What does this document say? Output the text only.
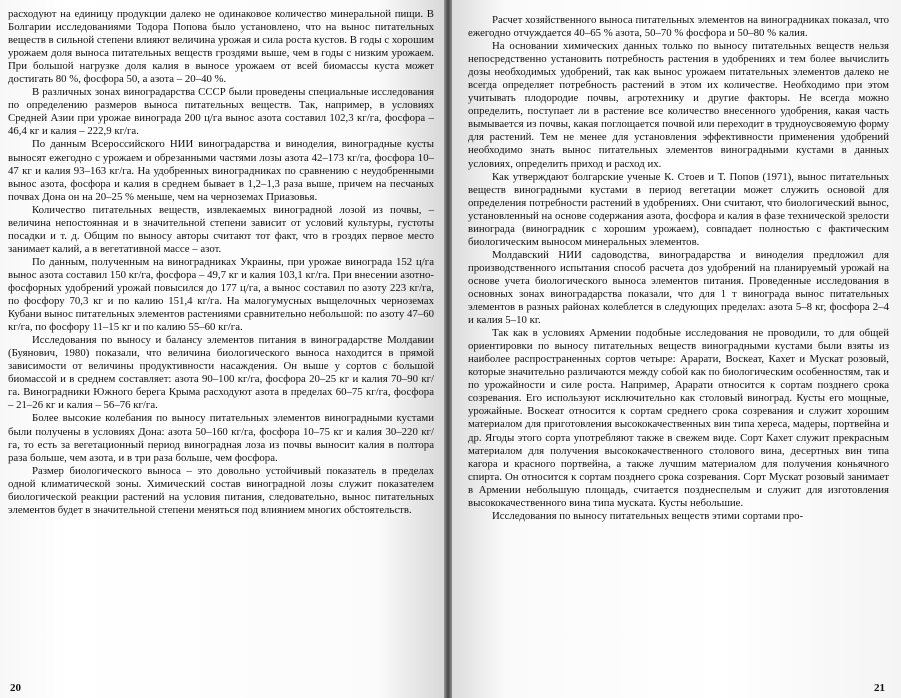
расходуют на единицу продукции далеко не одинаковое количество минеральной пищи. В Болгарии исследованиями Тодора Попова было установлено, что на вынос питательных веществ в сильной степени влияют величина урожая и сила роста кустов. В годы с хорошим урожаем доля выноса питательных веществ гроздями выше, чем в годы с низким урожаем. При большой нагрузке доля калия в выносе урожаем от всей биомассы куста может достигать 80 %, фосфора 50, а азота – 20–40 %.

В различных зонах виноградарства СССР были проведены специальные исследования по определению размеров выноса питательных веществ. Так, например, в условиях Средней Азии при урожае винограда 200 ц/га вынос азота составил 102,3 кг/га, фосфора – 46,4 кг и калия – 222,9 кг/га.

По данным Всероссийского НИИ виноградарства и виноделия, виноградные кусты выносят ежегодно с урожаем и обрезанными частями лозы азота 42–173 кг/га, фосфора 10–47 кг и калия 93–163 кг/га. На удобренных виноградниках по сравнению с неудобренными вынос азота, фосфора и калия в среднем бывает в 1,2–1,3 раза выше, причем на песчаных почвах Дона он на 20–25 % меньше, чем на черноземах Приазовья.

Количество питательных веществ, извлекаемых виноградной лозой из почвы, – величина непостоянная и в значительной степени зависит от условий культуры, густоты посадки и т. д. Общим по выносу авторы считают тот факт, что в гроздях первое место занимает калий, а в вегетативной массе – азот.

По данным, полученным на виноградниках Украины, при урожае винограда 152 ц/га вынос азота составил 150 кг/га, фосфора – 49,7 кг и калия 103,1 кг/га. При внесении азотно-фосфорных удобрений урожай повысился до 177 ц/га, а вынос составил по азоту 223 кг/га, по фосфору 70,3 кг и по калию 151,4 кг/га. На малогумусных выщелочных черноземах Кубани вынос питательных элементов растениями сравнительно небольшой: по азоту 47–60 кг/га, по фосфору 11–15 кг и по калию 55–60 кг/га.

Исследования по выносу и балансу элементов питания в виноградарстве Молдавии (Буянович, 1980) показали, что величина биологического выноса находится в прямой зависимости от величины продуктивности насаждения. Он выше у сортов с большой биомассой и в среднем составляет: азота 90–100 кг/га, фосфора 20–25 кг и калия 70–90 кг/га. Виноградники Южного берега Крыма расходуют азота в пределах 60–75 кг/га, фосфора – 21–26 кг и калия – 56–76 кг/га.

Более высокие колебания по выносу питательных элементов виноградными кустами были получены в условиях Дона: азота 50–160 кг/га, фосфора 10–75 кг и калия 30–220 кг/га, то есть за вегетационный период виноградная лоза из почвы выносит калия в полтора раза больше, чем азота, и в три раза больше, чем фосфора.

Размер биологического выноса – это довольно устойчивый показатель в пределах одной климатической зоны. Химический состав виноградной лозы служит показателем биологической реакции растений на условия питания, следовательно, вынос питательных элементов будет в значительной степени меняться под влиянием многих обстоятельств.

20

Расчет хозяйственного выноса питательных элементов на виноградниках показал, что ежегодно отчуждается 40–65 % азота, 50–70 % фосфора и 50–80 % калия.

На основании химических данных только по выносу питательных веществ нельзя непосредственно установить потребность растения в удобрениях и тем более вычислить дозы необходимых удобрений, так как вынос урожаем питательных элементов далеко не всегда определяет потребность растений в этом их количестве. Необходимо при этом учитывать плодородие почвы, агротехнику и другие факторы. Не всегда можно определить, поступает ли в растение все количество внесенного удобрения, какая часть вымывается из почвы, какая поглощается почвой или переходит в трудноусвояемую форму для растений. Тем не менее для установления эффективности применения удобрений необходимо знать вынос питательных элементов виноградными кустами в данных условиях, определить приход и расход их.

Как утверждают болгарские ученые К. Стоев и Т. Попов (1971), вынос питательных веществ виноградными кустами в период вегетации может служить основой для определения потребности растений в удобрениях. Они считают, что биологический вынос, установленный на основе содержания азота, фосфора и калия в фазе технической зрелости винограда (виноградник с хорошим урожаем), совпадает полностью с фактическим биологическим выносом минеральных элементов.

Молдавский НИИ садоводства, виноградарства и виноделия предложил для производственного испытания способ расчета доз удобрений на планируемый урожай на основе учета биологического выноса элементов питания. Проведенные исследования в основных зонах виноградарства показали, что для 1 т винограда вынос питательных элементов в разных районах колеблется в следующих пределах: азота 5–8 кг, фосфора 2–4 и калия 5–10 кг.

Так как в условиях Армении подобные исследования не проводили, то для общей ориентировки по выносу питательных веществ виноградными кустами были взяты из наиболее распространенных сортов четыре: Арарати, Воскеат, Кахет и Мускат розовый, которые значительно различаются между собой как по биологическим особенностям, так и по урожайности и силе роста. Например, Арарати относится к сортам позднего срока созревания. Его используют исключительно как столовый виноград. Кусты его мощные, урожайные. Воскеат относится к сортам среднего срока созревания и служит хорошим материалом для приготовления высококачественных вин типа хереса, мадеры, портвейна и др. Ягоды этого сорта употребляют также в свежем виде. Сорт Кахет служит прекрасным материалом для получения высококачественного столового вина, десертных вин типа кагора и красного портвейна, а также лучшим материалом для получения коньячного спирта. Он относится к сортам позднего срока созревания. Сорт Мускат розовый занимает в Армении небольшую площадь, считается позднеспелым и служит для изготовления высококачественного вина типа муската. Кусты небольшие.

Исследования по выносу питательных веществ этими сортами про-

21
